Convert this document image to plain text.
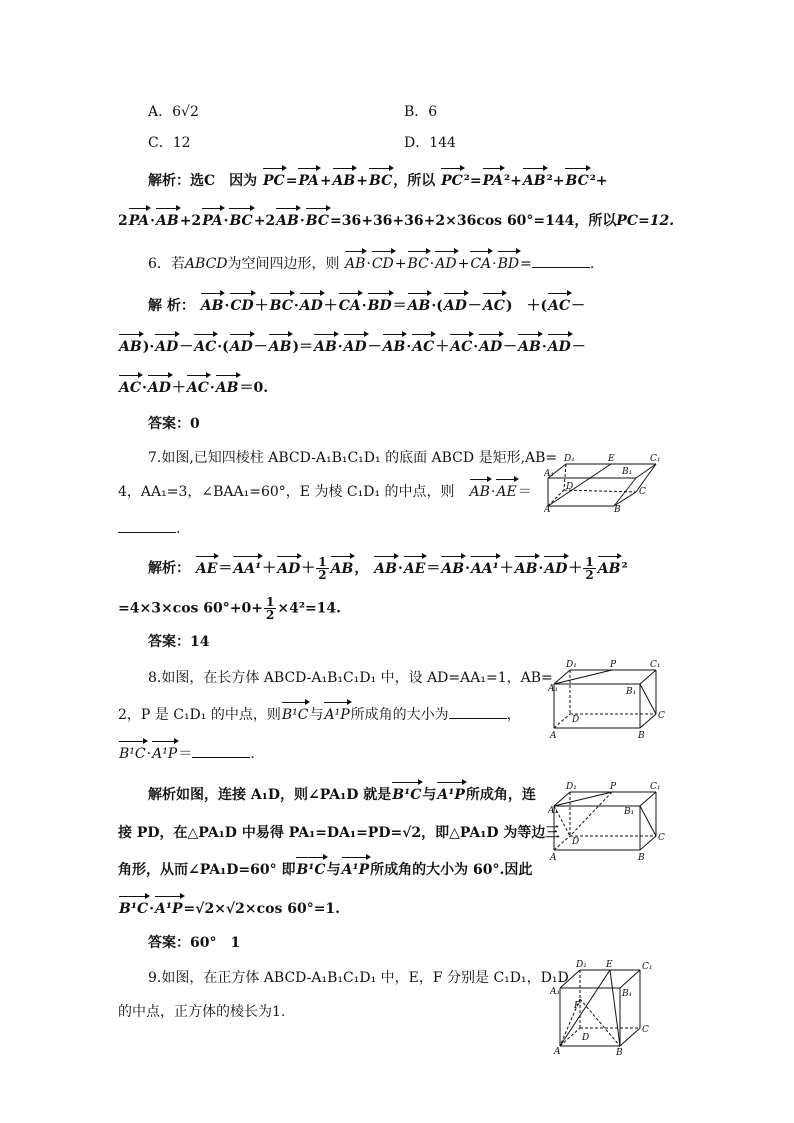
A．6√2	B．6
C．12	D．144
解析：选C　 因为 PC=PA+AB+BC，所以 PC²=PA²+AB²+BC²+
2PA·AB+2PA·BC+2AB·BC=36+36+36+2×36cos 60°=144，所以PC=12.
6．若ABCD为空间四边形，则 AB·CD+BC·AD+CA·BD=	.
解 析： AB·CD＋BC·AD＋CA·BD＝AB·(AD－AC)　＋(AC－
AB)·AD－AC·(AD－AB)＝AB·AD－AB·AC＋AC·AD－AB·AD－
AC·AD＋AC·AB＝0.
答案：0
7.如图,已知四棱柱 ABCD-A₁B₁C₁D₁ 的底面 ABCD 是矩形,AB=
4，AA₁=3，∠BAA₁=60°，E 为棱 C₁D₁ 的中点，则　 AB·AE＝
.
解析： $AE=AA^1+AD+ \frac{1}{2}$ AB， $AB\cdot AE=AB\cdot AA^1+AB\cdot AD+ \frac{1}{2} AB^2$
=4×3×cos $60^\circ+0+ \frac{1}{2} \times 4^2=14$.
答案：14
D₁	E	C₁
A₁	B₁
D	C
A	B
8.如图，在长方体 ABCD-A₁B₁C₁D₁ 中，设 AD=AA₁=1，AB=
2，P 是 C₁D₁ 的中点，则B¹C与A¹P所成角的大小为	，
B¹C·A¹P＝	.
解析如图，连接 A₁D，则∠PA₁D 就是B¹C与A¹P所成角，连
接 PD，在△PA₁D 中易得 PA₁=DA₁=PD=√2，即△PA₁D 为等边三
角形，从而∠PA₁D=60° 即B¹C与A¹P所成角的大小为 60°.因此
B¹C·A¹P=√2×√2×cos 60°=1.
答案：60°　1
D₁	P	C₁
A₁	B₁
D	C
A	B
D₁	P	C₁
A₁	B₁
D	C
A	B
9.如图，在正方体 ABCD-A₁B₁C₁D₁ 中，E，F 分别是 C₁D₁，D₁D
的中点，正方体的棱长为1.
D₁ E	C₁
A₁	B₁
F
D
C
A	B
